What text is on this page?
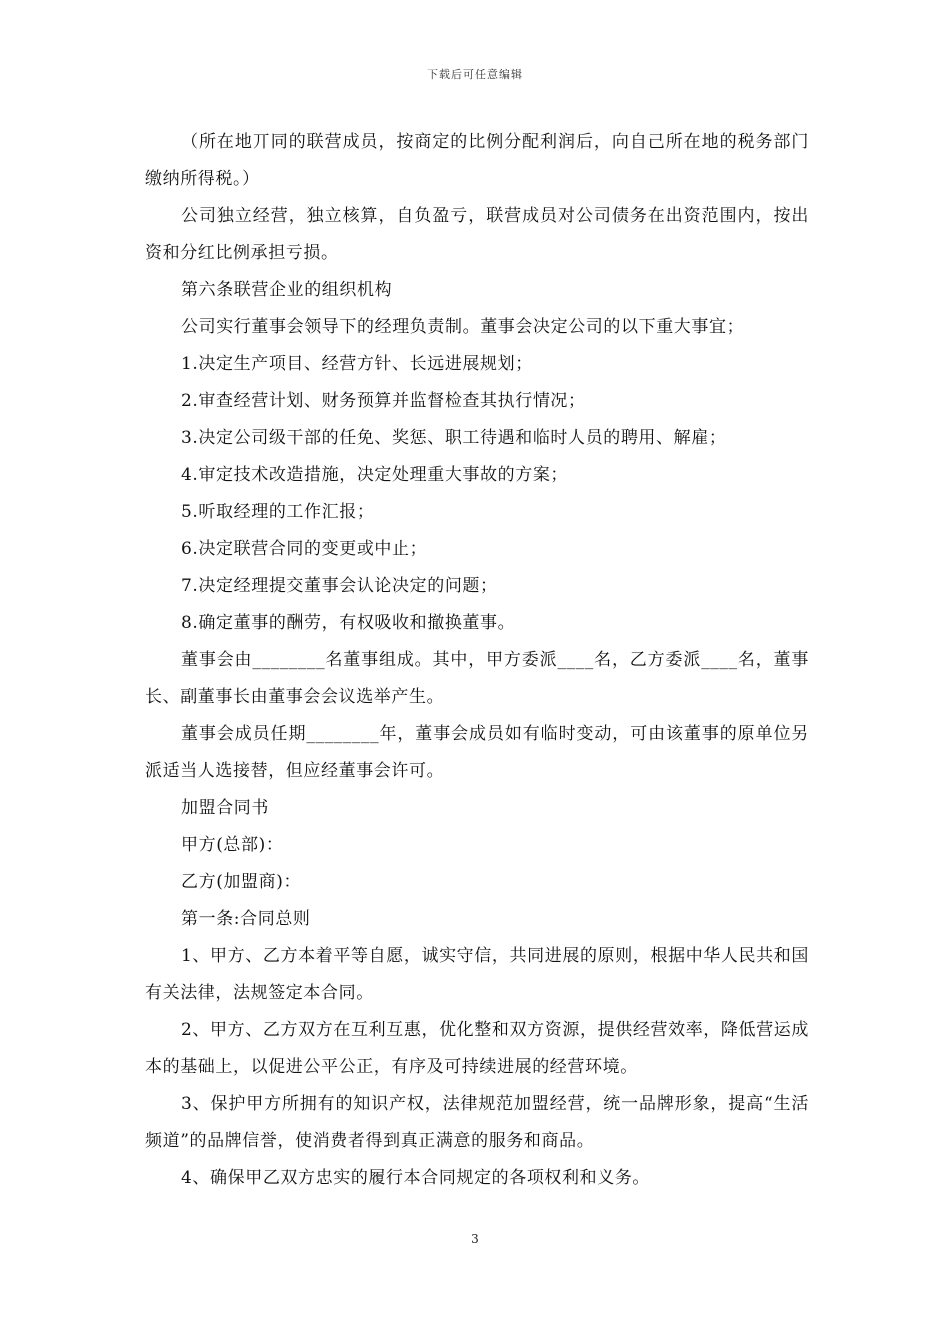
下载后可任意编辑

（所在地丌同的联营成员，按商定的比例分配利润后，向自己所在地的税务部门缴纳所得税。）

公司独立经营，独立核算，自负盈亏，联营成员对公司债务在出资范围内，按出资和分红比例承担亏损。

第六条联营企业的组织机构

公司实行董事会领导下的经理负责制。董事会决定公司的以下重大事宜；

1.决定生产项目、经营方针、长远进展规划；

2.审查经营计划、财务预算并监督检查其执行情况；

3.决定公司级干部的任免、奖惩、职工待遇和临时人员的聘用、解雇；

4.审定技术改造措施，决定处理重大事故的方案；

5.听取经理的工作汇报；

6.决定联营合同的变更或中止；

7.决定经理提交董事会认论决定的问题；

8.确定董事的酬劳，有权吸收和撤换董事。

董事会由________名董事组成。其中，甲方委派____名，乙方委派____名，董事长、副董事长由董事会会议选举产生。

董事会成员任期________年，董事会成员如有临时变动，可由该董事的原单位另派适当人选接替，但应经董事会许可。

加盟合同书

甲方(总部)：

乙方(加盟商)：

第一条:合同总则

1、甲方、乙方本着平等自愿，诚实守信，共同进展的原则，根据中华人民共和国有关法律，法规签定本合同。

2、甲方、乙方双方在互利互惠，优化整和双方资源，提供经营效率，降低营运成本的基础上，以促进公平公正，有序及可持续进展的经营环境。

3、保护甲方所拥有的知识产权，法律规范加盟经营，统一品牌形象，提高“生活频道”的品牌信誉，使消费者得到真正满意的服务和商品。

4、确保甲乙双方忠实的履行本合同规定的各项权利和义务。

3
